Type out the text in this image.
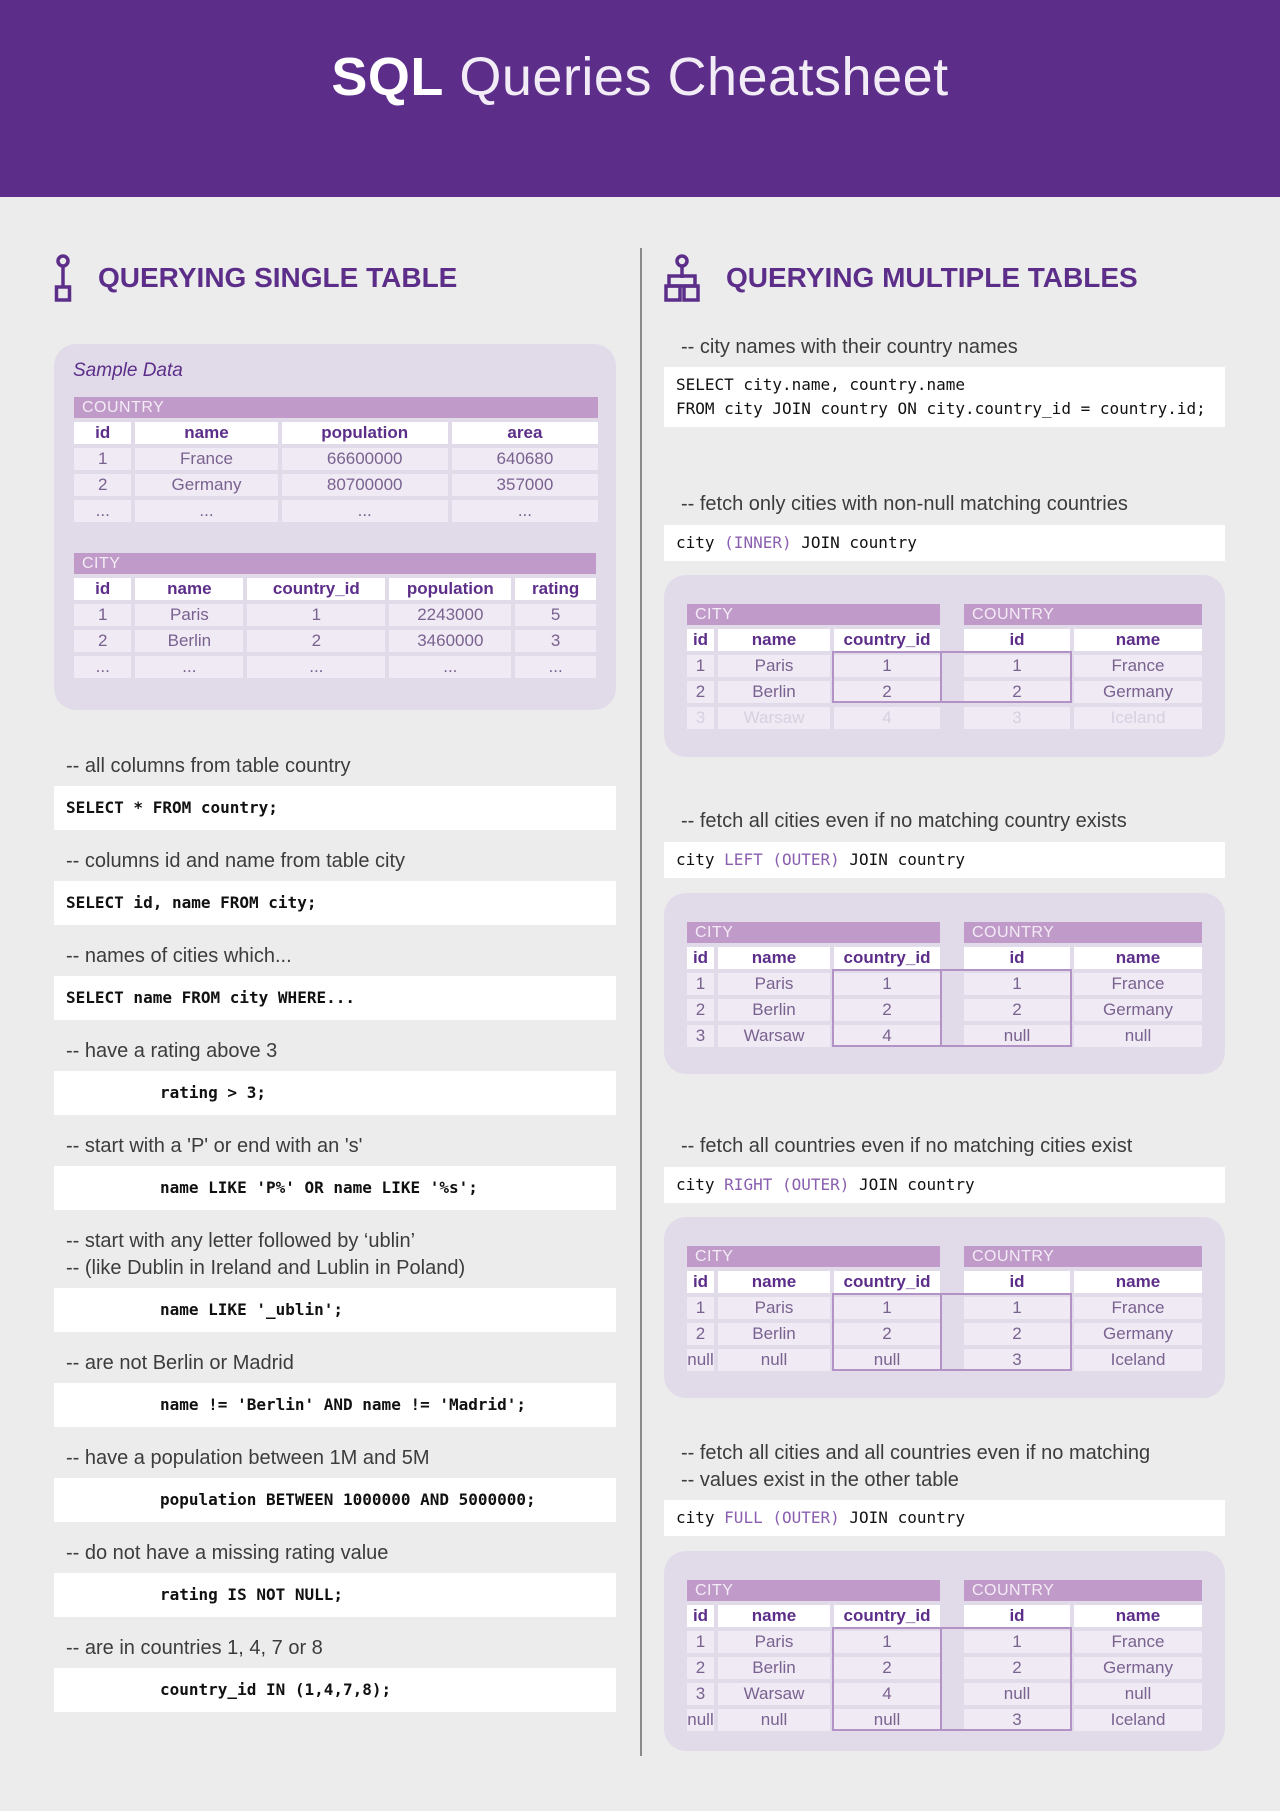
SQL Queries Cheatsheet
QUERYING SINGLE TABLE	QUERYING MULTIPLE TABLES
Sample Data
COUNTRY			
id	name	population	area
1	France	66600000	640680
2	Germany	80700000	357000
...	...	...	...
CITY				
id	name	country_id	population	rating
1	Paris	1	2243000	5
2	Berlin	2	3460000	3
...	...	...	...	...
-- all columns from table country
SELECT * FROM country;
-- columns id and name from table city
SELECT id, name FROM city;
-- names of cities which...
SELECT name FROM city WHERE...
-- have a rating above 3
rating > 3;
-- start with a 'P' or end with an 's'
name LIKE 'P%' OR name LIKE '%s';
-- start with any letter followed by ‘ublin’
-- (like Dublin in Ireland and Lublin in Poland)
name LIKE '_ublin';
-- are not Berlin or Madrid
name != 'Berlin' AND name != 'Madrid';
-- have a population between 1M and 5M
population BETWEEN 1000000 AND 5000000;
-- do not have a missing rating value
rating IS NOT NULL;
-- are in countries 1, 4, 7 or 8
country_id IN (1,4,7,8);
-- city names with their country names
SELECT city.name, country.name
FROM city JOIN country ON city.country_id = country.id;
-- fetch only cities with non-null matching countries
city (INNER) JOIN country
CITY		
id	name	country_id
1	Paris	1
2	Berlin	2
3	Warsaw	4
COUNTRY	
id	name
1	France
2	Germany
3	Iceland
-- fetch all cities even if no matching country exists
city LEFT (OUTER) JOIN country
CITY		
id	name	country_id
1	Paris	1
2	Berlin	2
3	Warsaw	4
COUNTRY	
id	name
1	France
2	Germany
null	null
-- fetch all countries even if no matching cities exist
city RIGHT (OUTER) JOIN country
CITY		
id	name	country_id
1	Paris	1
2	Berlin	2
null	null	null
COUNTRY	
id	name
1	France
2	Germany
3	Iceland
-- fetch all cities and all countries even if no matching
-- values exist in the other table
city FULL (OUTER) JOIN country
CITY		
id	name	country_id
1	Paris	1
2	Berlin	2
3	Warsaw	4
null	null	null
COUNTRY	
id	name
1	France
2	Germany
null	null
3	Iceland
